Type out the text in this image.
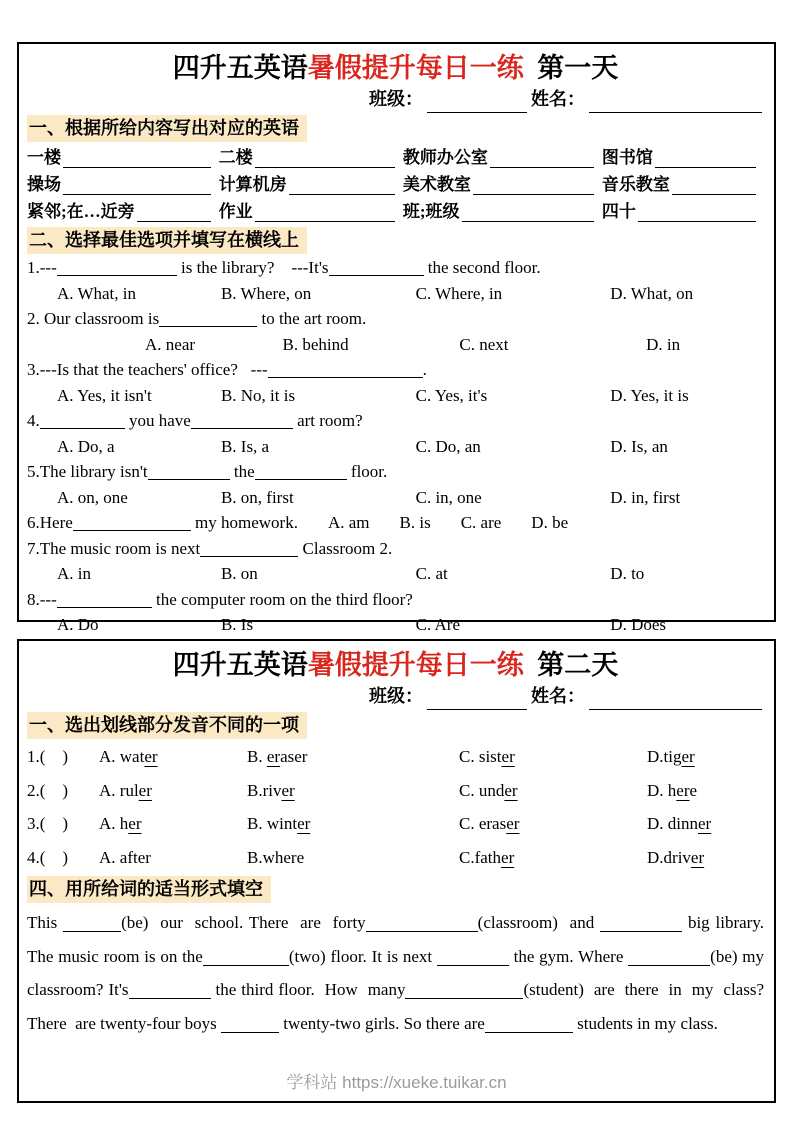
四升五英语暑假提升每日一练  第一天
班级：	姓名：
一、根据所给内容写出对应的英语
一楼	二楼	教师办公室	图书馆
操场	计算机房	美术教室	音乐教室
紧邻;在…近旁	作业	班;班级	四十
二、选择最佳选项并填写在横线上
1.---	is the library?    ---It's	the second floor.
A. What, in	B. Where, on	C. Where, in	D. What, on
2. Our classroom is	to the art room.
A. near	B. behind	C. next	D. in
3.---Is that the teachers' office?   ---	.
A. Yes, it isn't	B. No, it is	C. Yes, it's	D. Yes, it is
4.	you have	art room?
A. Do, a	B. Is, a	C. Do, an	D. Is, an
5.The library isn't	the	floor.
A. on, one	B. on, first	C. in, one	D. in, first
6.Here	my homework. A. am B. is C. are D. be
7.The music room is next	Classroom 2.
A. in	B. on	C. at	D. to
8.---	the computer room on the third floor?
A. Do	B. Is	C. Are	D. Does
四升五英语暑假提升每日一练  第二天
班级：	姓名：
一、选出划线部分发音不同的一项
1.(    )	A. water	B. eraser	C. sister	D.tiger
2.(    )	A. ruler	B.river	C. under	D. here
3.(    )	A. her	B. winter	C. eraser	D. dinner
4.(    )	A. after	B.where	C.father	D.driver
四、用所给词的适当形式填空
This	(be)  our  school. There  are  forty	(classroom)  and	big library. The music room is on the	(two) floor. It is next	the gym. Where	(be) my classroom? It's	the third floor.  How  many	(student)  are  there  in  my  class?  There  are twenty-four boys	twenty-two girls. So there are	students in my class.
学科站 https://xueke.tuikar.cn
